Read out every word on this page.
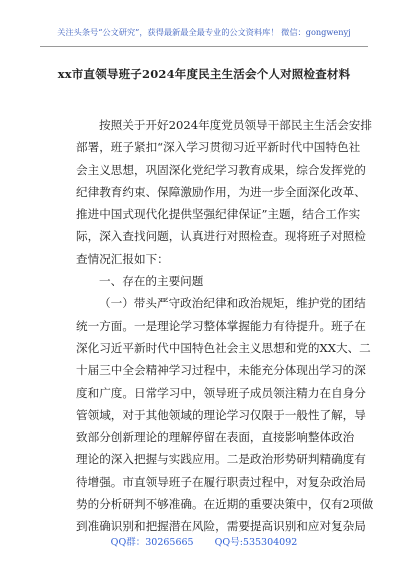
关注头条号“公文研究”，获得最新最全最专业的公文资料库！ 微信：gongwenyj
xx市直领导班子2024年度民主生活会个人对照检查材料
按照关于开好2024年度党员领导干部民主生活会安排
部署，班子紧扣“深入学习贯彻习近平新时代中国特色社
会主义思想，巩固深化党纪学习教育成果，综合发挥党的
纪律教育约束、保障激励作用，为进一步全面深化改革、
推进中国式现代化提供坚强纪律保证”主题，结合工作实
际，深入查找问题，认真进行对照检查。现将班子对照检
查情况汇报如下：
一、存在的主要问题
（一）带头严守政治纪律和政治规矩，维护党的团结
统一方面。一是理论学习整体掌握能力有待提升。班子在
深化习近平新时代中国特色社会主义思想和党的XX大、二
十届三中全会精神学习过程中，未能充分体现出学习的深
度和广度。日常学习中，领导班子成员领注精力在自身分
管领域，对于其他领域的理论学习仅限于一般性了解，导
致部分创新理论的理解停留在表面，直接影响整体政治
理论的深入把握与实践应用。二是政治形势研判精确度有
待增强。市直领导班子在履行职责过程中，对复杂政治局
势的分析研判不够准确。在近期的重要决策中，仅有2项做
到准确识别和把握潜在风险，需要提高识别和应对复杂局
QQ群：30265665 QQ号:535304092
